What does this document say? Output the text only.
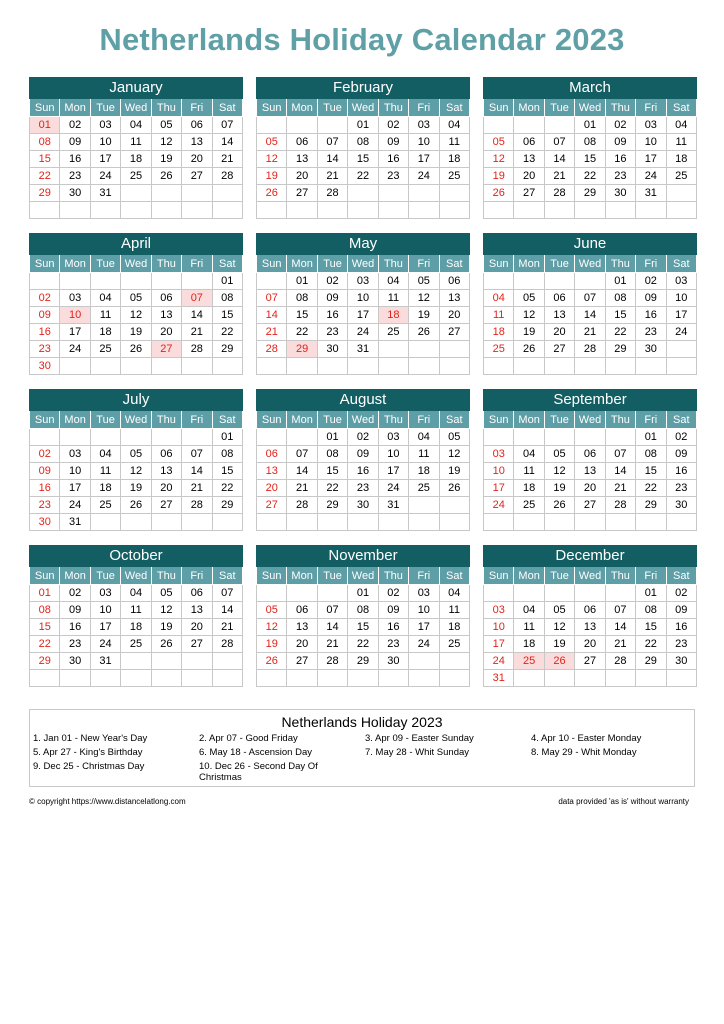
Netherlands Holiday Calendar 2023
January
Sun	Mon	Tue	Wed	Thu	Fri	Sat
01	02	03	04	05	06	07
08	09	10	11	12	13	14
15	16	17	18	19	20	21
22	23	24	25	26	27	28
29	30	31				

February
Sun	Mon	Tue	Wed	Thu	Fri	Sat
			01	02	03	04
05	06	07	08	09	10	11
12	13	14	15	16	17	18
19	20	21	22	23	24	25
26	27	28				

March
Sun	Mon	Tue	Wed	Thu	Fri	Sat
			01	02	03	04
05	06	07	08	09	10	11
12	13	14	15	16	17	18
19	20	21	22	23	24	25
26	27	28	29	30	31	

April
Sun	Mon	Tue	Wed	Thu	Fri	Sat
						01
02	03	04	05	06	07	08
09	10	11	12	13	14	15
16	17	18	19	20	21	22
23	24	25	26	27	28	29
30						
May
Sun	Mon	Tue	Wed	Thu	Fri	Sat
	01	02	03	04	05	06
07	08	09	10	11	12	13
14	15	16	17	18	19	20
21	22	23	24	25	26	27
28	29	30	31			

June
Sun	Mon	Tue	Wed	Thu	Fri	Sat
				01	02	03
04	05	06	07	08	09	10
11	12	13	14	15	16	17
18	19	20	21	22	23	24
25	26	27	28	29	30	

July
Sun	Mon	Tue	Wed	Thu	Fri	Sat
						01
02	03	04	05	06	07	08
09	10	11	12	13	14	15
16	17	18	19	20	21	22
23	24	25	26	27	28	29
30	31					
August
Sun	Mon	Tue	Wed	Thu	Fri	Sat
		01	02	03	04	05
06	07	08	09	10	11	12
13	14	15	16	17	18	19
20	21	22	23	24	25	26
27	28	29	30	31		

September
Sun	Mon	Tue	Wed	Thu	Fri	Sat
					01	02
03	04	05	06	07	08	09
10	11	12	13	14	15	16
17	18	19	20	21	22	23
24	25	26	27	28	29	30

October
Sun	Mon	Tue	Wed	Thu	Fri	Sat
01	02	03	04	05	06	07
08	09	10	11	12	13	14
15	16	17	18	19	20	21
22	23	24	25	26	27	28
29	30	31				

November
Sun	Mon	Tue	Wed	Thu	Fri	Sat
			01	02	03	04
05	06	07	08	09	10	11
12	13	14	15	16	17	18
19	20	21	22	23	24	25
26	27	28	29	30		

December
Sun	Mon	Tue	Wed	Thu	Fri	Sat
					01	02
03	04	05	06	07	08	09
10	11	12	13	14	15	16
17	18	19	20	21	22	23
24	25	26	27	28	29	30
31						
Netherlands Holiday 2023
1. Jan 01 - New Year's Day	2. Apr 07 - Good Friday	3. Apr 09 - Easter Sunday	4. Apr 10 - Easter Monday
5. Apr 27 - King's Birthday	6. May 18 - Ascension Day	7. May 28 - Whit Sunday	8. May 29 - Whit Monday
9. Dec 25 - Christmas Day	10. Dec 26 - Second Day Of Christmas
© copyright https://www.distancelatlong.com	data provided 'as is' without warranty
